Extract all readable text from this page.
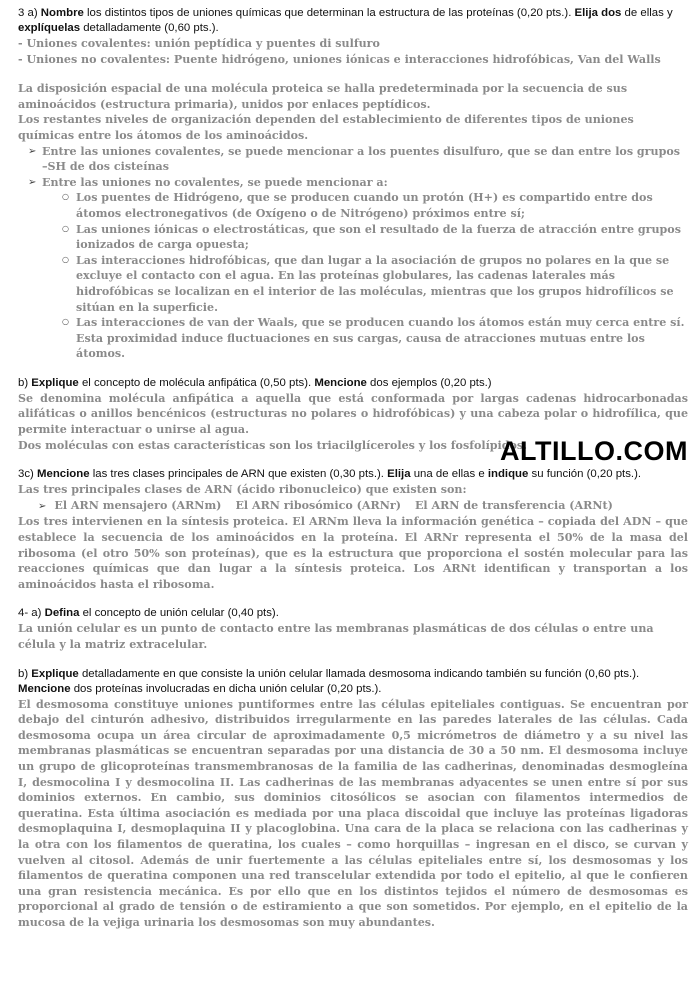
3 a) Nombre los distintos tipos de uniones químicas que determinan la estructura de las proteínas (0,20 pts.). Elija dos de ellas y explíquelas detalladamente (0,60 pts.).

- Uniones covalentes: unión peptídica y puentes di sulfuro

- Uniones no covalentes: Puente hidrógeno, uniones iónicas e interacciones hidrofóbicas, Van del Walls

La disposición espacial de una molécula proteica se halla predeterminada por la secuencia de sus aminoácidos (estructura primaria), unidos por enlaces peptídicos.

Los restantes niveles de organización dependen del establecimiento de diferentes tipos de uniones químicas entre los átomos de los aminoácidos.

➢ Entre las uniones covalentes, se puede mencionar a los puentes disulfuro, que se dan entre los grupos –SH de dos cisteínas
➢ Entre las uniones no covalentes, se puede mencionar a:
○ Los puentes de Hidrógeno, que se producen cuando un protón (H+) es compartido entre dos átomos electronegativos (de Oxígeno o de Nitrógeno) próximos entre sí;
○ Las uniones iónicas o electrostáticas, que son el resultado de la fuerza de atracción entre grupos ionizados de carga opuesta;
○ Las interacciones hidrofóbicas, que dan lugar a la asociación de grupos no polares en la que se excluye el contacto con el agua. En las proteínas globulares, las cadenas laterales más hidrofóbicas se localizan en el interior de las moléculas, mientras que los grupos hidrofílicos se sitúan en la superficie.
○ Las interacciones de van der Waals, que se producen cuando los átomos están muy cerca entre sí. Esta proximidad induce fluctuaciones en sus cargas, causa de atracciones mutuas entre los átomos.

b) Explique el concepto de molécula anfipática (0,50 pts). Mencione dos ejemplos (0,20 pts.)

Se denomina molécula anfipática a aquella que está conformada por largas cadenas hidrocarbonadas alifáticas o anillos bencénicos (estructuras no polares o hidrofóbicas) y una cabeza polar o hidrofílica, que permite interactuar o unirse al agua.

Dos moléculas con estas características son los triacilglíceroles y los fosfolípidos.

3c) Mencione las tres clases principales de ARN que existen (0,30 pts.). Elija una de ellas e indique su función (0,20 pts.).

Las tres principales clases de ARN (ácido ribonucleico) que existen son:

➢ El ARN mensajero (ARNm) El ARN ribosómico (ARNr) El ARN de transferencia (ARNt)

Los tres intervienen en la síntesis proteica. El ARNm lleva la información genética – copiada del ADN – que establece la secuencia de los aminoácidos en la proteína. El ARNr representa el 50% de la masa del ribosoma (el otro 50% son proteínas), que es la estructura que proporciona el sostén molecular para las reacciones químicas que dan lugar a la síntesis proteica. Los ARNt identifican y transportan a los aminoácidos hasta el ribosoma.

4- a) Defina el concepto de unión celular (0,40 pts).

La unión celular es un punto de contacto entre las membranas plasmáticas de dos células o entre una célula y la matriz extracelular.

b) Explique detalladamente en que consiste la unión celular llamada desmosoma indicando también su función (0,60 pts.).

Mencione dos proteínas involucradas en dicha unión celular (0,20 pts.).

El desmosoma constituye uniones puntiformes entre las células epiteliales contiguas. Se encuentran por debajo del cinturón adhesivo, distribuidos irregularmente en las paredes laterales de las células. Cada desmosoma ocupa un área circular de aproximadamente 0,5 micrómetros de diámetro y a su nivel las membranas plasmáticas se encuentran separadas por una distancia de 30 a 50 nm. El desmosoma incluye un grupo de glicoproteínas transmembranosas de la familia de las cadherinas, denominadas desmogleína I, desmocolina I y desmocolina II. Las cadherinas de las membranas adyacentes se unen entre sí por sus dominios externos. En cambio, sus dominios citosólicos se asocian con filamentos intermedios de queratina. Esta última asociación es mediada por una placa discoidal que incluye las proteínas ligadoras desmoplaquina I, desmoplaquina II y placoglobina. Una cara de la placa se relaciona con las cadherinas y la otra con los filamentos de queratina, los cuales – como horquillas – ingresan en el disco, se curvan y vuelven al citosol. Además de unir fuertemente a las células epiteliales entre sí, los desmosomas y los filamentos de queratina componen una red transcelular extendida por todo el epitelio, al que le confieren una gran resistencia mecánica. Es por ello que en los distintos tejidos el número de desmosomas es proporcional al grado de tensión o de estiramiento a que son sometidos. Por ejemplo, en el epitelio de la mucosa de la vejiga urinaria los desmosomas son muy abundantes.

ALTILLO.COM
